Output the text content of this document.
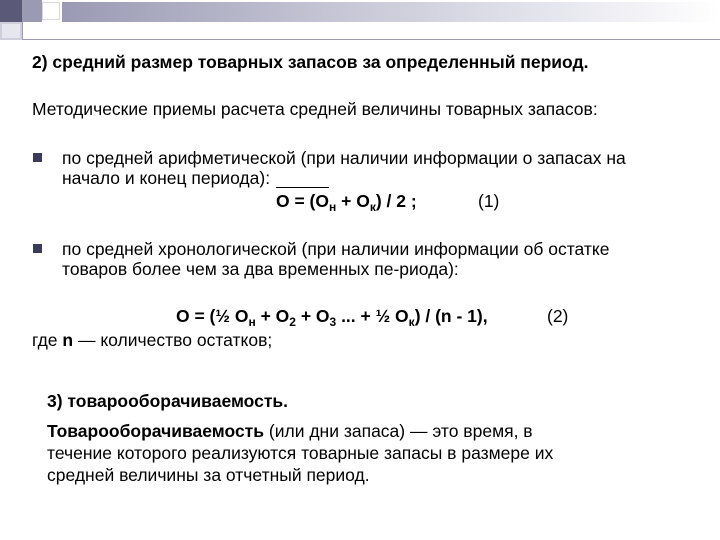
2) средний размер товарных запасов за определенный период.
Методические приемы расчета средней величины товарных запасов:
по средней арифметической (при наличии информации о запасах на
начало и конец периода):
$О = (О_н + О_к) / 2$ ;	(1)
по средней хронологической (при наличии информации об остатке
товаров более чем за два временных пе-риода):
О = (½ $О_н + О_2 + О_3$ ... + ½ $О_к) / (n - 1)$,	(2)
где n — количество остатков;
3) товарооборачиваемость.
Товарооборачиваемость (или дни запаса) — это время, в
течение которого реализуются товарные запасы в размере их
средней величины за отчетный период.
